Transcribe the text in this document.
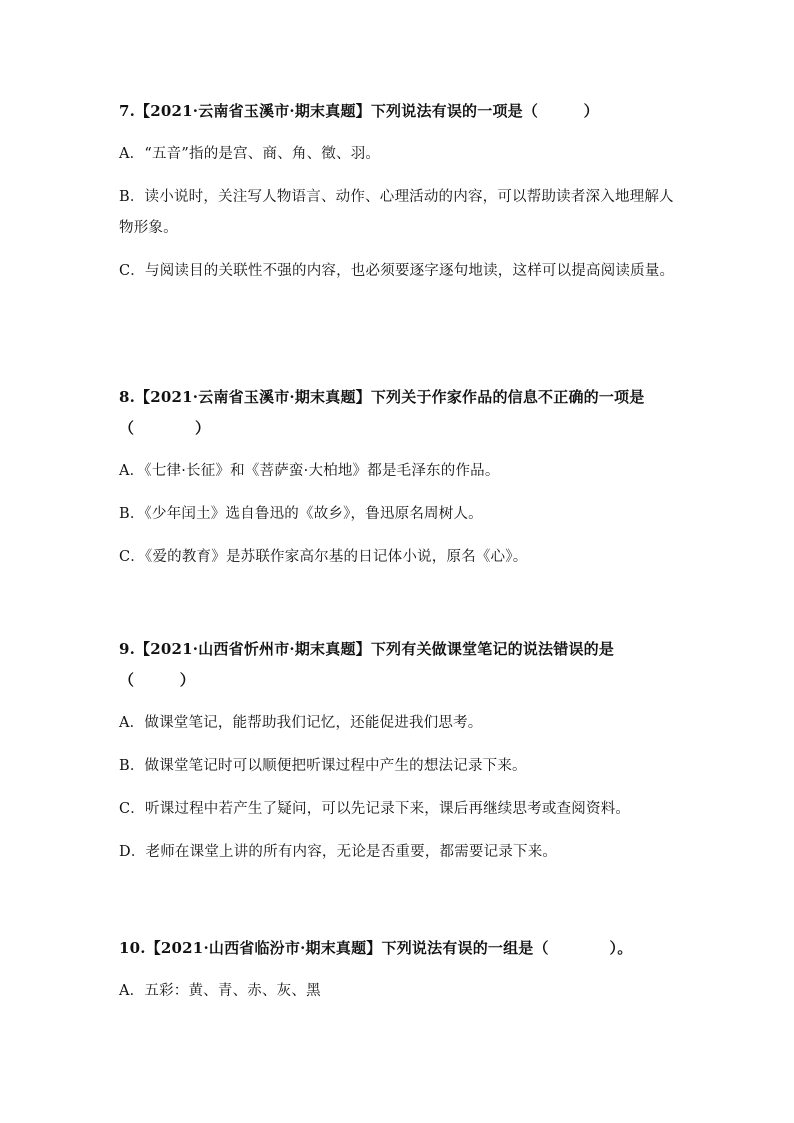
7.【2021·云南省玉溪市·期末真题】下列说法有误的一项是（　　　）

A．“五音”指的是宫、商、角、徵、羽。

B．读小说时，关注写人物语言、动作、心理活动的内容，可以帮助读者深入地理解人物形象。

C．与阅读目的关联性不强的内容，也必须要逐字逐句地读，这样可以提高阅读质量。

8.【2021·云南省玉溪市·期末真题】下列关于作家作品的信息不正确的一项是（　　　　）

A．《七律·长征》和《菩萨蛮·大柏地》都是毛泽东的作品。

B．《少年闰土》选自鲁迅的《故乡》，鲁迅原名周树人。

C．《爱的教育》是苏联作家高尔基的日记体小说，原名《心》。

9.【2021·山西省忻州市·期末真题】下列有关做课堂笔记的说法错误的是（　　　）

A．做课堂笔记，能帮助我们记忆，还能促进我们思考。

B．做课堂笔记时可以顺便把听课过程中产生的想法记录下来。

C．听课过程中若产生了疑问，可以先记录下来，课后再继续思考或查阅资料。

D．老师在课堂上讲的所有内容，无论是否重要，都需要记录下来。

10.【2021·山西省临汾市·期末真题】下列说法有误的一组是（　　　　）。

A．五彩：黄、青、赤、灰、黑
